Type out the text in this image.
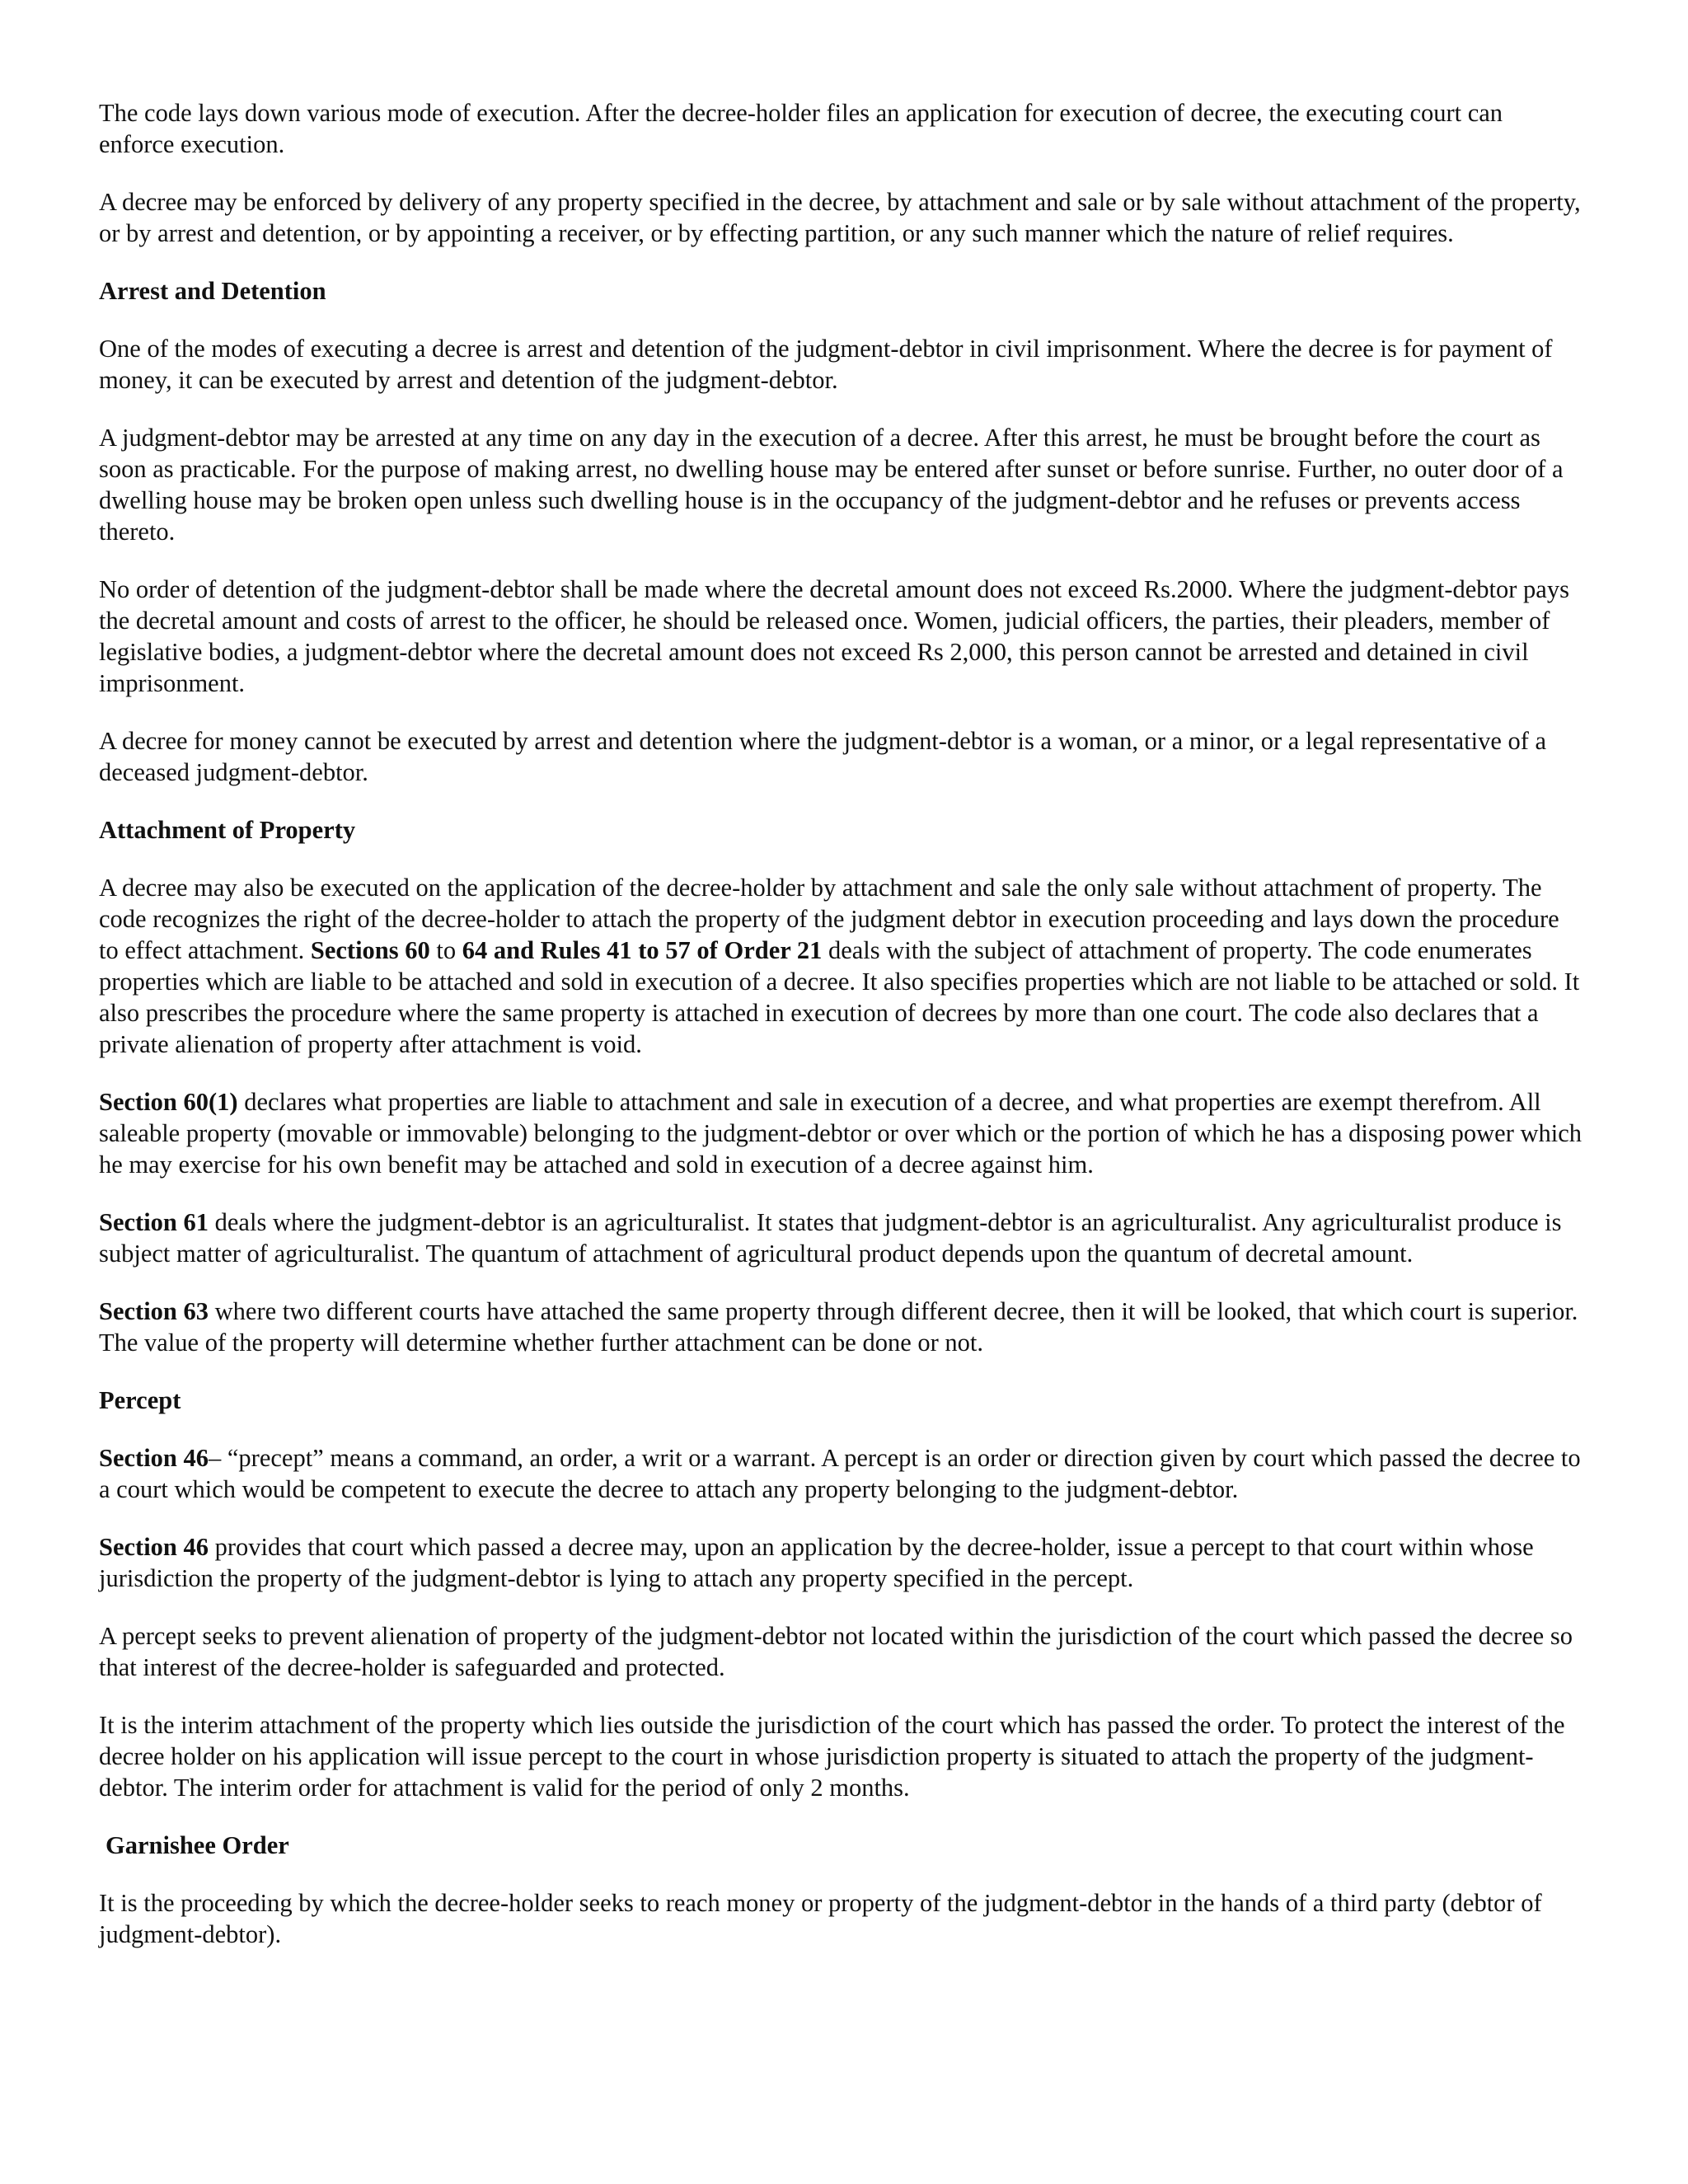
The code lays down various mode of execution. After the decree-holder files an application for execution of decree, the executing court can enforce execution.

A decree may be enforced by delivery of any property specified in the decree, by attachment and sale or by sale without attachment of the property, or by arrest and detention, or by appointing a receiver, or by effecting partition, or any such manner which the nature of relief requires.

Arrest and Detention

One of the modes of executing a decree is arrest and detention of the judgment-debtor in civil imprisonment. Where the decree is for payment of money, it can be executed by arrest and detention of the judgment-debtor.

A judgment-debtor may be arrested at any time on any day in the execution of a decree. After this arrest, he must be brought before the court as soon as practicable. For the purpose of making arrest, no dwelling house may be entered after sunset or before sunrise. Further, no outer door of a dwelling house may be broken open unless such dwelling house is in the occupancy of the judgment-debtor and he refuses or prevents access thereto.

No order of detention of the judgment-debtor shall be made where the decretal amount does not exceed Rs.2000. Where the judgment-debtor pays the decretal amount and costs of arrest to the officer, he should be released once. Women, judicial officers, the parties, their pleaders, member of legislative bodies, a judgment-debtor where the decretal amount does not exceed Rs 2,000, this person cannot be arrested and detained in civil imprisonment.

A decree for money cannot be executed by arrest and detention where the judgment-debtor is a woman, or a minor, or a legal representative of a deceased judgment-debtor.

Attachment of Property

A decree may also be executed on the application of the decree-holder by attachment and sale the only sale without attachment of property. The code recognizes the right of the decree-holder to attach the property of the judgment debtor in execution proceeding and lays down the procedure to effect attachment. Sections 60 to 64 and Rules 41 to 57 of Order 21 deals with the subject of attachment of property. The code enumerates properties which are liable to be attached and sold in execution of a decree. It also specifies properties which are not liable to be attached or sold. It also prescribes the procedure where the same property is attached in execution of decrees by more than one court. The code also declares that a private alienation of property after attachment is void.

Section 60(1) declares what properties are liable to attachment and sale in execution of a decree, and what properties are exempt therefrom. All saleable property (movable or immovable) belonging to the judgment-debtor or over which or the portion of which he has a disposing power which he may exercise for his own benefit may be attached and sold in execution of a decree against him.

Section 61 deals where the judgment-debtor is an agriculturalist. It states that judgment-debtor is an agriculturalist. Any agriculturalist produce is subject matter of agriculturalist. The quantum of attachment of agricultural product depends upon the quantum of decretal amount.

Section 63 where two different courts have attached the same property through different decree, then it will be looked, that which court is superior. The value of the property will determine whether further attachment can be done or not.

Percept

Section 46– “precept” means a command, an order, a writ or a warrant. A percept is an order or direction given by court which passed the decree to a court which would be competent to execute the decree to attach any property belonging to the judgment-debtor.

Section 46 provides that court which passed a decree may, upon an application by the decree-holder, issue a percept to that court within whose jurisdiction the property of the judgment-debtor is lying to attach any property specified in the percept.

A percept seeks to prevent alienation of property of the judgment-debtor not located within the jurisdiction of the court which passed the decree so that interest of the decree-holder is safeguarded and protected.

It is the interim attachment of the property which lies outside the jurisdiction of the court which has passed the order. To protect the interest of the decree holder on his application will issue percept to the court in whose jurisdiction property is situated to attach the property of the judgment-debtor. The interim order for attachment is valid for the period of only 2 months.

Garnishee Order

It is the proceeding by which the decree-holder seeks to reach money or property of the judgment-debtor in the hands of a third party (debtor of judgment-debtor).
